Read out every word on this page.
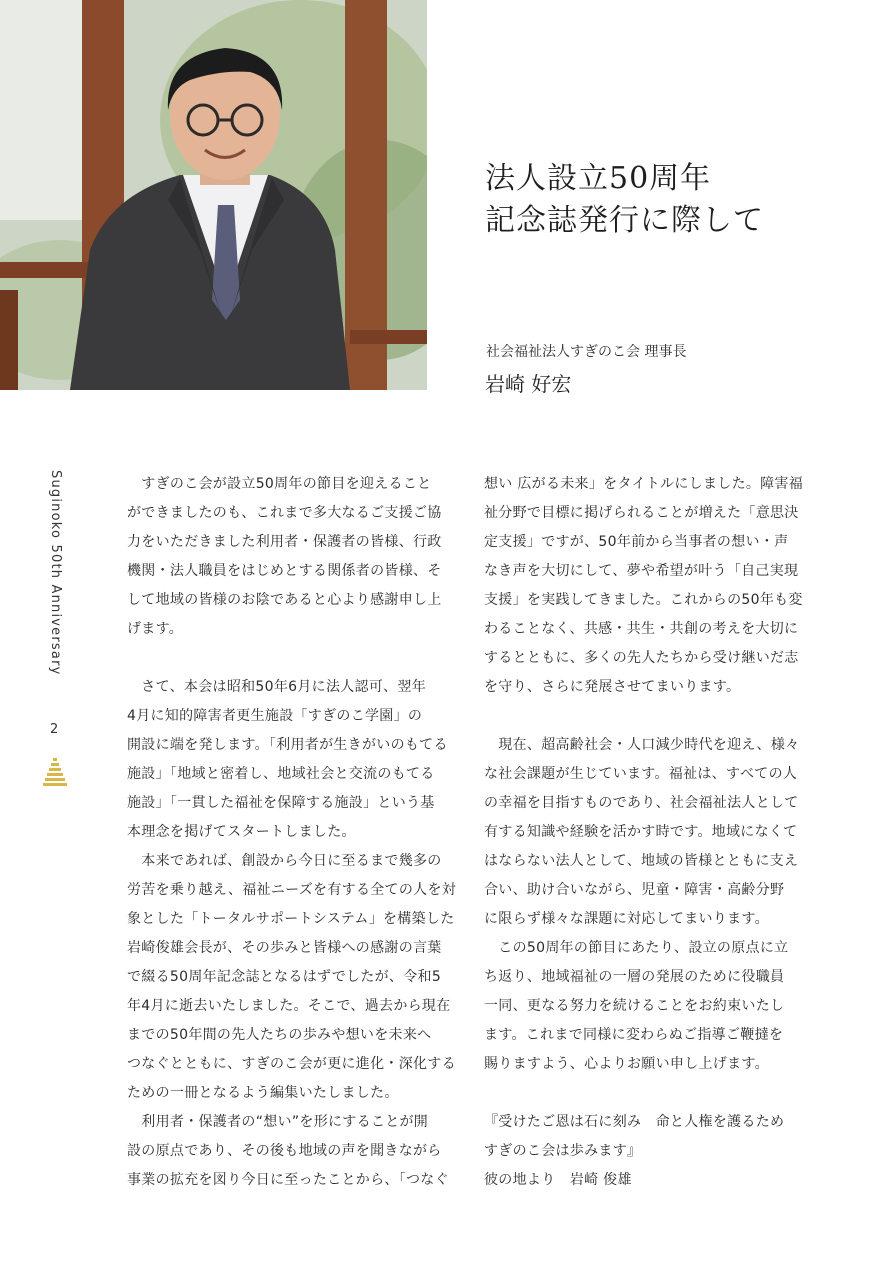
法人設立50周年
記念誌発行に際して
社会福祉法人すぎのこ会 理事長
岩崎 好宏
Suginoko 50th Anniversary
2

　すぎのこ会が設立50周年の節目を迎えること

ができましたのも、これまで多大なるご支援ご協

力をいただきました利用者・保護者の皆様、行政

機関・法人職員をはじめとする関係者の皆様、そ

して地域の皆様のお陰であると心より感謝申し上

げます。

　さて、本会は昭和50年6月に法人認可、翌年

4月に知的障害者更生施設「すぎのこ学園」の

開設に端を発します。「利用者が生きがいのもてる

施設」「地域と密着し、地域社会と交流のもてる

施設」「一貫した福祉を保障する施設」という基

本理念を掲げてスタートしました。

　本来であれば、創設から今日に至るまで幾多の

労苦を乗り越え、福祉ニーズを有する全ての人を対

象とした「トータルサポートシステム」を構築した

岩崎俊雄会長が、その歩みと皆様への感謝の言葉

で綴る50周年記念誌となるはずでしたが、令和5

年4月に逝去いたしました。そこで、過去から現在

までの50年間の先人たちの歩みや想いを未来へ

つなぐとともに、すぎのこ会が更に進化・深化する

ための一冊となるよう編集いたしました。

　利用者・保護者の“想い”を形にすることが開

設の原点であり、その後も地域の声を聞きながら

事業の拡充を図り今日に至ったことから、「つなぐ

想い 広がる未来」をタイトルにしました。障害福

祉分野で目標に掲げられることが増えた「意思決

定支援」ですが、50年前から当事者の想い・声

なき声を大切にして、夢や希望が叶う「自己実現

支援」を実践してきました。これからの50年も変

わることなく、共感・共生・共創の考えを大切に

するとともに、多くの先人たちから受け継いだ志

を守り、さらに発展させてまいります。

　現在、超高齢社会・人口減少時代を迎え、様々

な社会課題が生じています。福祉は、すべての人

の幸福を目指すものであり、社会福祉法人として

有する知識や経験を活かす時です。地域になくて

はならない法人として、地域の皆様とともに支え

合い、助け合いながら、児童・障害・高齢分野

に限らず様々な課題に対応してまいります。

　この50周年の節目にあたり、設立の原点に立

ち返り、地域福祉の一層の発展のために役職員

一同、更なる努力を続けることをお約束いたし

ます。これまで同様に変わらぬご指導ご鞭撻を

賜りますよう、心よりお願い申し上げます。

『受けたご恩は石に刻み　命と人権を護るため

すぎのこ会は歩みます』

彼の地より　岩崎 俊雄
